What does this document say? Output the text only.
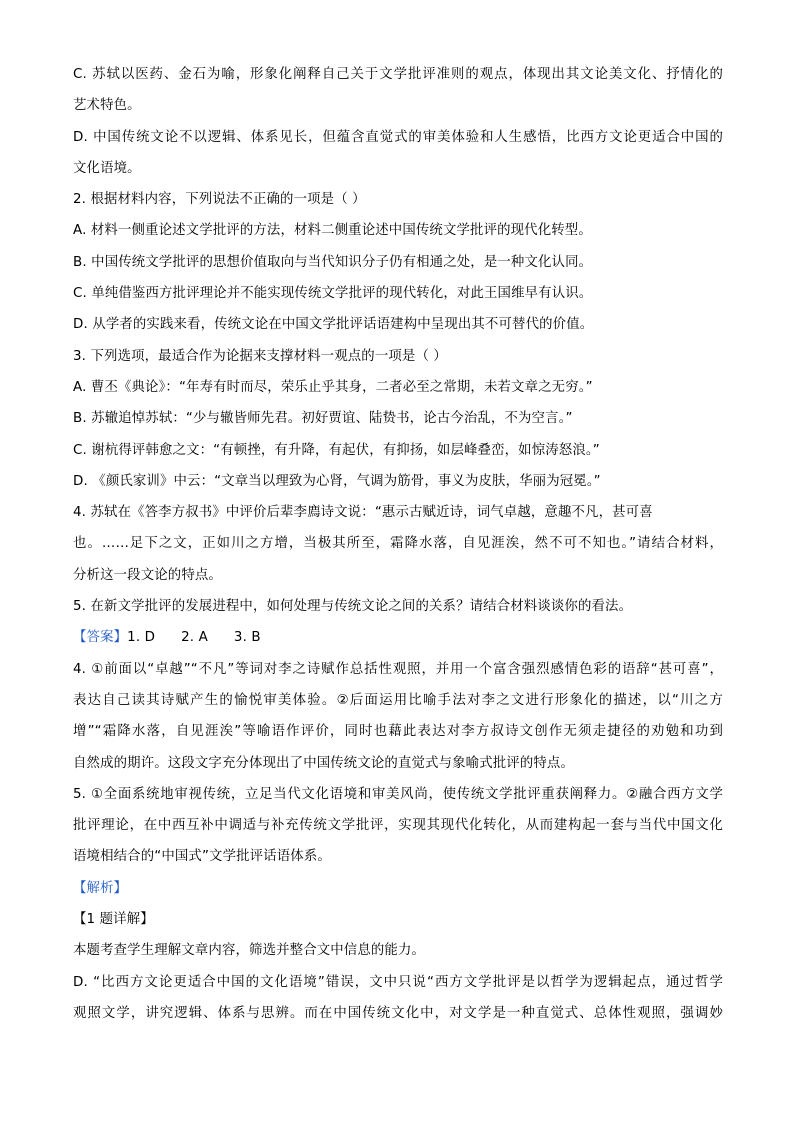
C. 苏轼以医药、金石为喻，形象化阐释自己关于文学批评准则的观点，体现出其文论美文化、抒情化的
艺术特色。
D. 中国传统文论不以逻辑、体系见长，但蕴含直觉式的审美体验和人生感悟，比西方文论更适合中国的
文化语境。
2. 根据材料内容，下列说法不正确的一项是（ ）
A. 材料一侧重论述文学批评的方法，材料二侧重论述中国传统文学批评的现代化转型。
B. 中国传统文学批评的思想价值取向与当代知识分子仍有相通之处，是一种文化认同。
C. 单纯借鉴西方批评理论并不能实现传统文学批评的现代转化，对此王国维早有认识。
D. 从学者的实践来看，传统文论在中国文学批评话语建构中呈现出其不可替代的价值。
3. 下列选项，最适合作为论据来支撑材料一观点的一项是（ ）
A. 曹丕《典论》：“年寿有时而尽，荣乐止乎其身，二者必至之常期，未若文章之无穷。”
B. 苏辙追悼苏轼：“少与辙皆师先君。初好贾谊、陆贽书，论古今治乱，不为空言。”
C. 谢杭得评韩愈之文：“有顿挫，有升降，有起伏，有抑扬，如层峰叠峦，如惊涛怒浪。”
D. 《颜氏家训》中云：“文章当以理致为心肾，气调为筋骨，事义为皮肤，华丽为冠冕。”
4. 苏轼在《答李方叔书》中评价后辈李廌诗文说：“惠示古赋近诗，词气卓越，意趣不凡，甚可喜
也。……足下之文，正如川之方增，当极其所至，霜降水落，自见涯涘，然不可不知也。”请结合材料，
分析这一段文论的特点。
5. 在新文学批评的发展进程中，如何处理与传统文论之间的关系？请结合材料谈谈你的看法。
【答案】1. D 2. A 3. B
4. ①前面以“卓越”“不凡”等词对李之诗赋作总括性观照，并用一个富含强烈感情色彩的语辞“甚可喜”，
表达自己读其诗赋产生的愉悦审美体验。②后面运用比喻手法对李之文进行形象化的描述，以“川之方
增”“霜降水落，自见涯涘”等喻语作评价，同时也藉此表达对李方叔诗文创作无须走捷径的劝勉和功到
自然成的期许。这段文字充分体现出了中国传统文论的直觉式与象喻式批评的特点。
5. ①全面系统地审视传统，立足当代文化语境和审美风尚，使传统文学批评重获阐释力。②融合西方文学
批评理论，在中西互补中调适与补充传统文学批评，实现其现代化转化，从而建构起一套与当代中国文化
语境相结合的“中国式”文学批评话语体系。
【解析】
【1 题详解】
本题考查学生理解文章内容，筛选并整合文中信息的能力。
D. “比西方文论更适合中国的文化语境”错误，文中只说“西方文学批评是以哲学为逻辑起点，通过哲学
观照文学，讲究逻辑、体系与思辨。而在中国传统文化中，对文学是一种直觉式、总体性观照，强调妙
